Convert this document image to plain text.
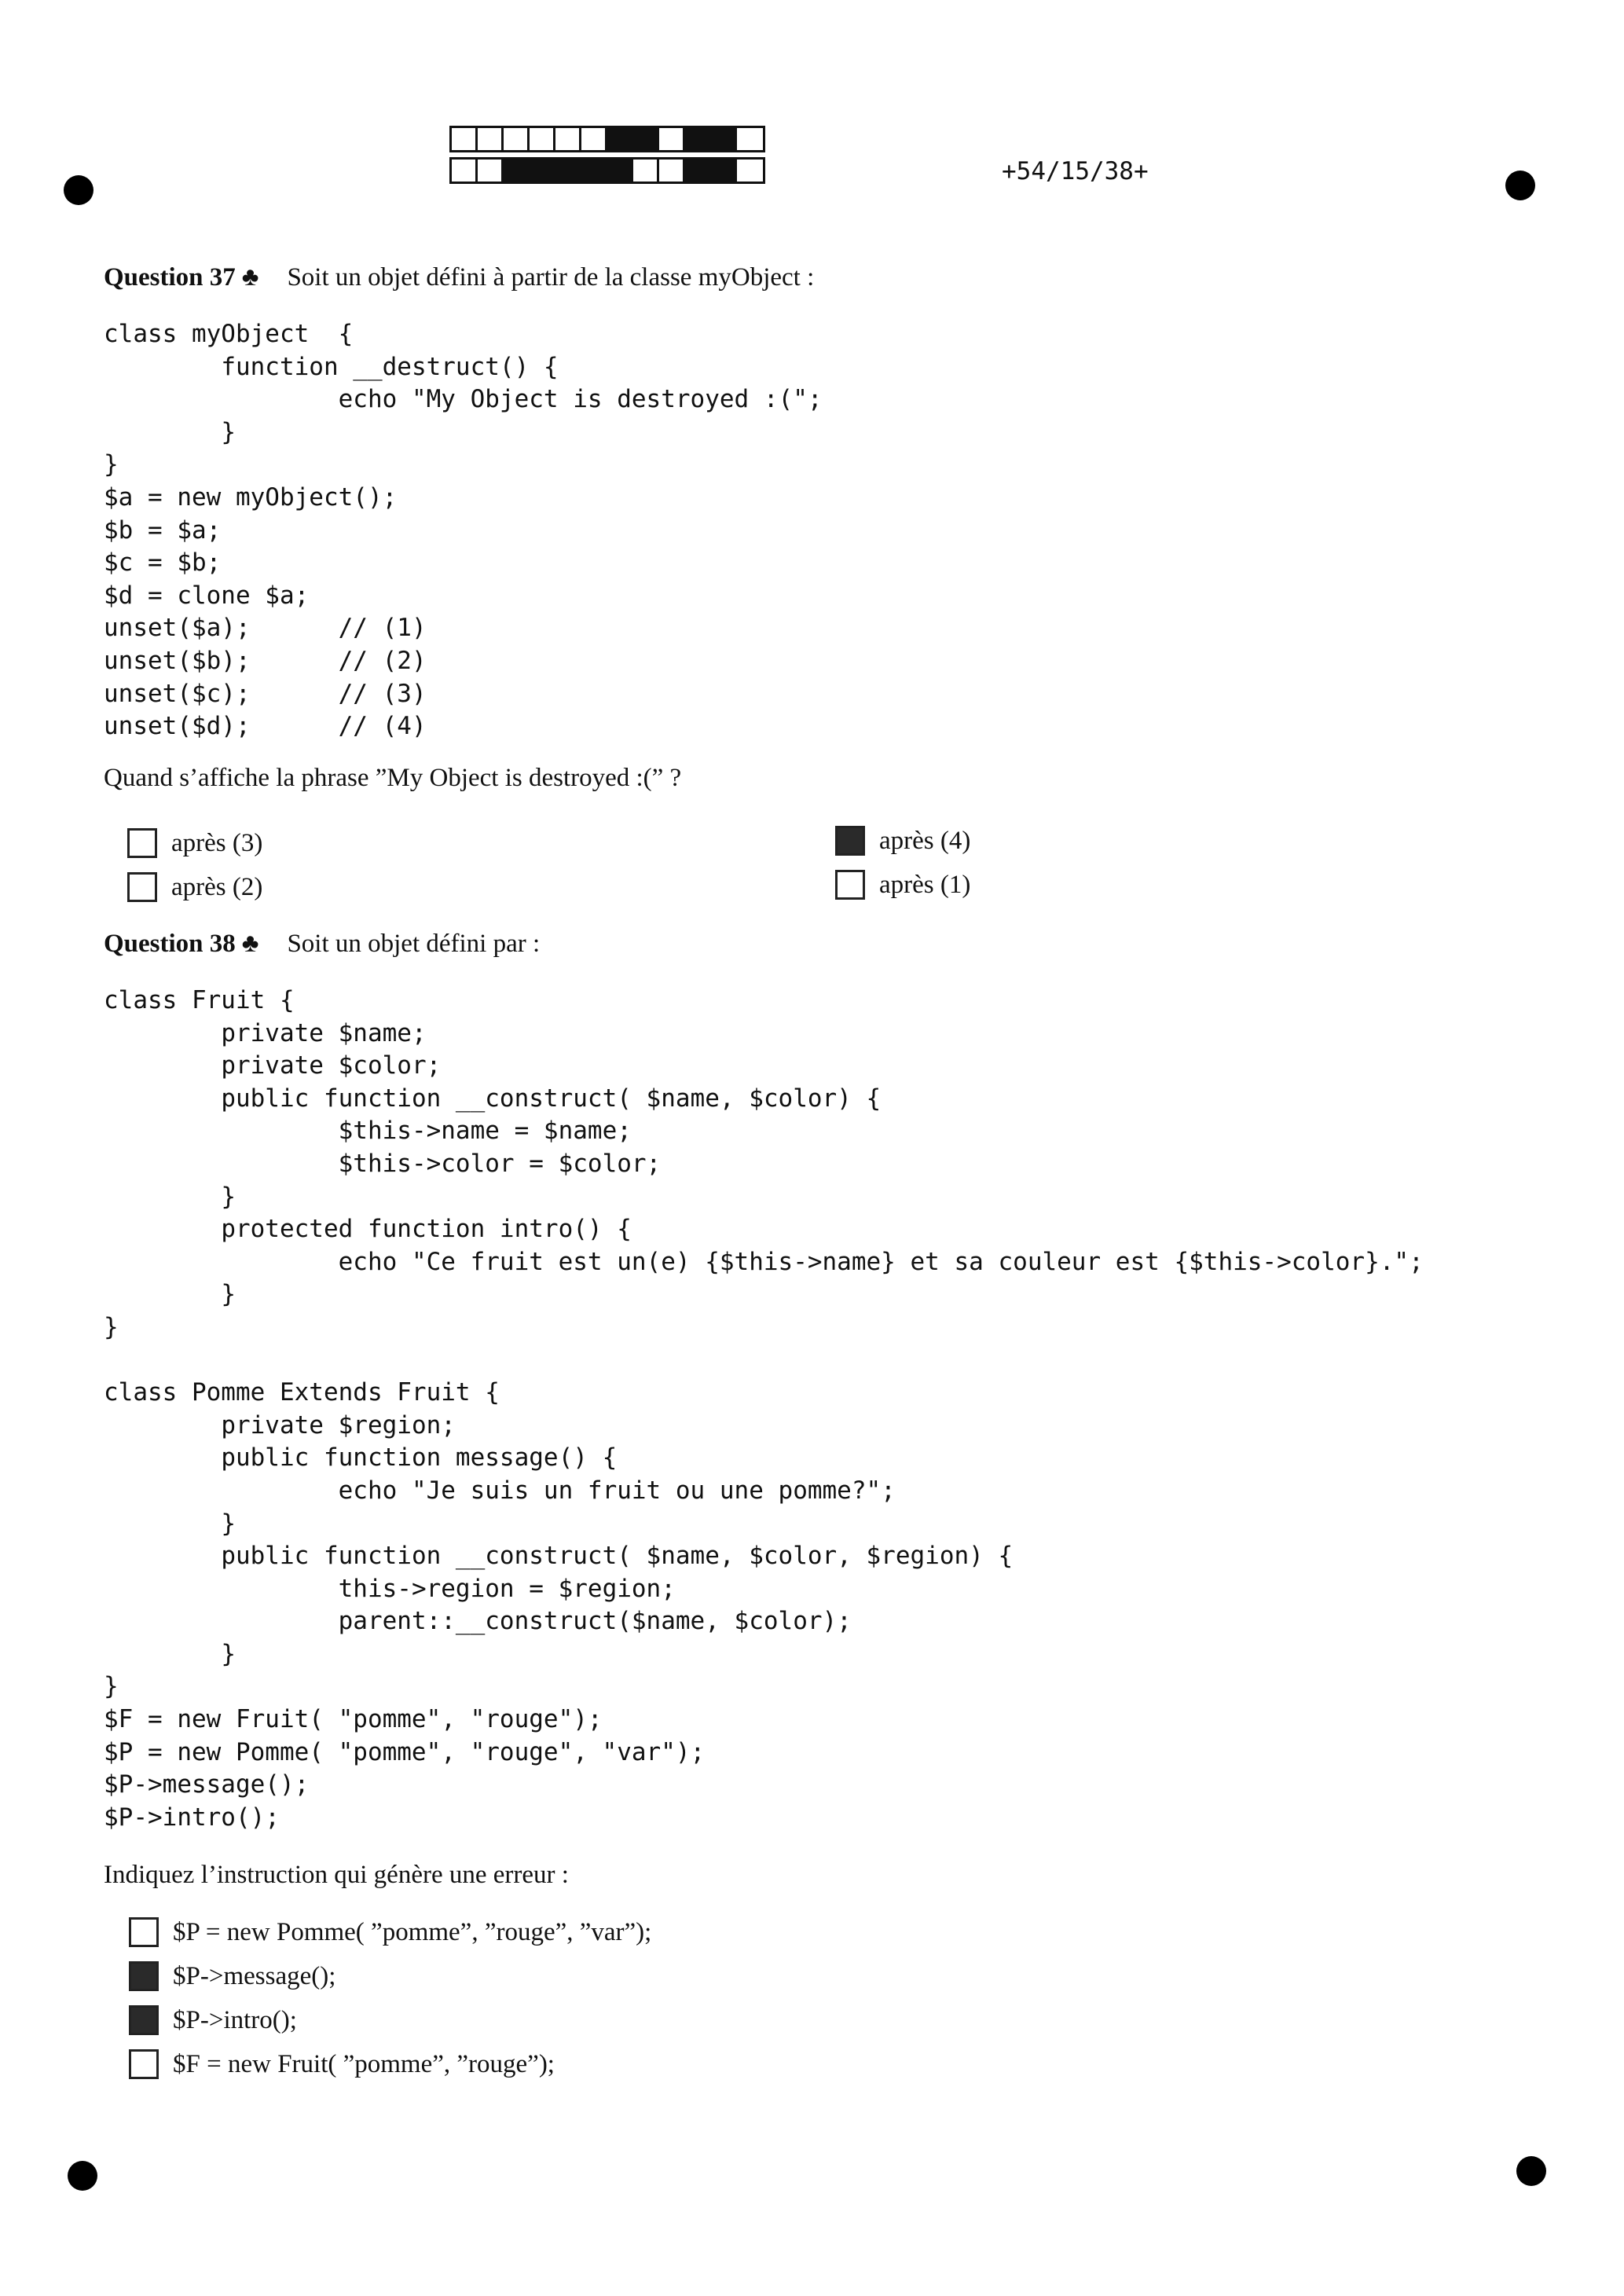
+54/15/38+
Question 37 ♣ Soit un objet défini à partir de la classe myObject :
class myObject  {
	function __destruct() {
		echo "My Object is destroyed :(";
	}
}
$a = new myObject();
$b = $a;
$c = $b;
$d = clone $a;
unset($a);	// (1)
unset($b);	// (2)
unset($c);	// (3)
unset($d);	// (4)
Quand s’affiche la phrase ”My Object is destroyed :(” ?
après (3)
après (2)
après (4)
après (1)
Question 38 ♣ Soit un objet défini par :
class Fruit {
	private $name;
	private $color;
	public function __construct( $name, $color) {
		$this->name = $name;
		$this->color = $color;
	}
	protected function intro() {
		echo "Ce fruit est un(e) {$this->name} et sa couleur est {$this->color}.";
	}
}

class Pomme Extends Fruit {
	private $region;
	public function message() {
		echo "Je suis un fruit ou une pomme?";
	}
	public function __construct( $name, $color, $region) {
		this->region = $region;
		parent::__construct($name, $color);
	}
}
$F = new Fruit( "pomme", "rouge");
$P = new Pomme( "pomme", "rouge", "var");
$P->message();
$P->intro();
Indiquez l’instruction qui génère une erreur :
$P = new Pomme( ”pomme”, ”rouge”, ”var”);
$P->message();
$P->intro();
$F = new Fruit( ”pomme”, ”rouge”);
